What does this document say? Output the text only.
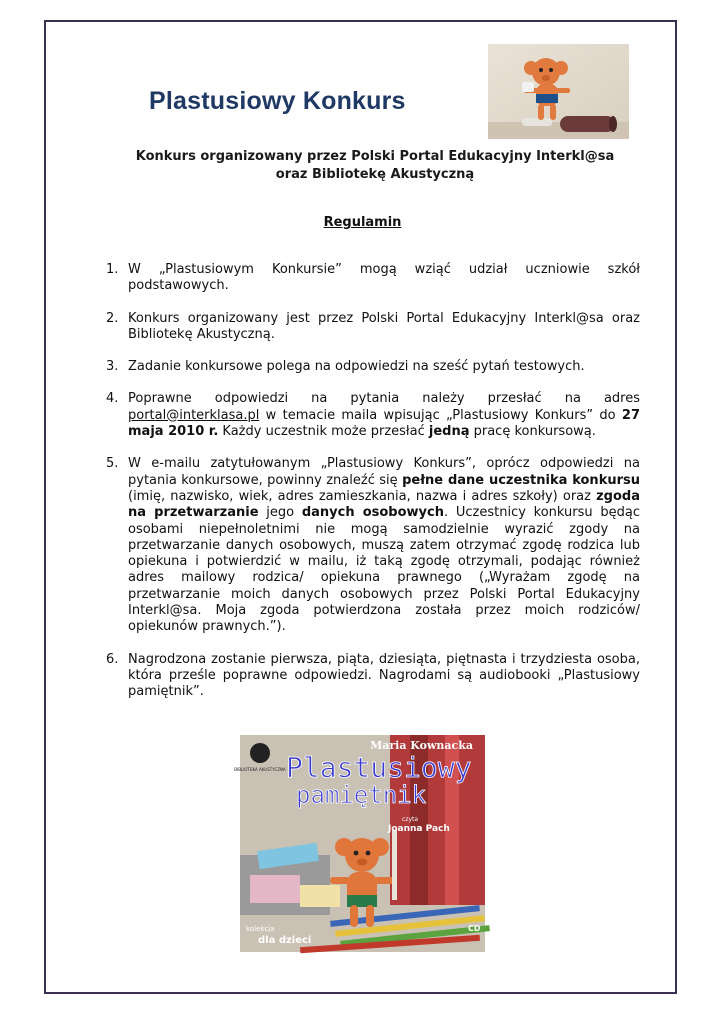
Plastusiowy Konkurs
Konkurs organizowany przez Polski Portal Edukacyjny Interkl@sa
oraz Bibliotekę Akustyczną
Regulamin
1. W „Plastusiowym Konkursie” mogą wziąć udział uczniowie szkół podstawowych.
2. Konkurs organizowany jest przez Polski Portal Edukacyjny Interkl@sa oraz Bibliotekę Akustyczną.
3. Zadanie konkursowe polega na odpowiedzi na sześć pytań testowych.
4. Poprawne odpowiedzi na pytania należy przesłać na adres portal@interklasa.pl w temacie maila wpisując „Plastusiowy Konkurs” do 27 maja 2010 r. Każdy uczestnik może przesłać jedną pracę konkursową.
5. W e-mailu zatytułowanym „Plastusiowy Konkurs”, oprócz odpowiedzi na pytania konkursowe, powinny znaleźć się pełne dane uczestnika konkursu (imię, nazwisko, wiek, adres zamieszkania, nazwa i adres szkoły) oraz zgoda na przetwarzanie jego danych osobowych. Uczestnicy konkursu będąc osobami niepełnoletnimi nie mogą samodzielnie wyrazić zgody na przetwarzanie danych osobowych, muszą zatem otrzymać zgodę rodzica lub opiekuna i potwierdzić w mailu, iż taką zgodę otrzymali, podając również adres mailowy rodzica/ opiekuna prawnego („Wyrażam zgodę na przetwarzanie moich danych osobowych przez Polski Portal Edukacyjny Interkl@sa. Moja zgoda potwierdzona została przez moich rodziców/ opiekunów prawnych.”).
6. Nagrodzona zostanie pierwsza, piąta, dziesiąta, piętnasta i trzydziesta osoba, która prześle poprawne odpowiedzi. Nagrodami są audiobooki „Plastusiowy pamiętnik”.
BIBLIOTEKA AKUSTYCZNA
Maria Kownacka
Plastusiowy
pamiętnik
czyta
Joanna Pach
kolekcja
dla dzieci
CD
